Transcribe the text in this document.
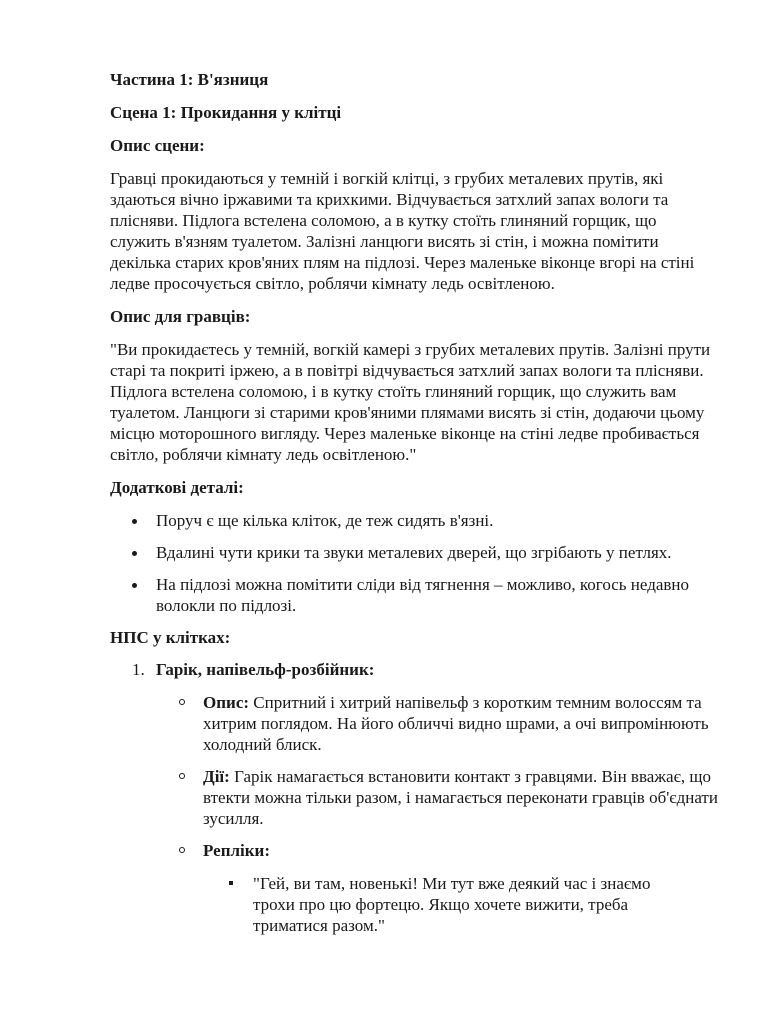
Частина 1: В'язниця

Сцена 1: Прокидання у клітці

Опис сцени:

Гравці прокидаються у темній і вогкій клітці, з грубих металевих прутів, які здаються вічно іржавими та крихкими. Відчувається затхлий запах вологи та плісняви. Підлога встелена соломою, а в кутку стоїть глиняний горщик, що служить в'язням туалетом. Залізні ланцюги висять зі стін, і можна помітити декілька старих кров'яних плям на підлозі. Через маленьке віконце вгорі на стіні ледве просочується світло, роблячи кімнату ледь освітленою.

Опис для гравців:

"Ви прокидаєтесь у темній, вогкій камері з грубих металевих прутів. Залізні прути старі та покриті іржею, а в повітрі відчувається затхлий запах вологи та плісняви. Підлога встелена соломою, і в кутку стоїть глиняний горщик, що служить вам туалетом. Ланцюги зі старими кров'яними плямами висять зі стін, додаючи цьому місцю моторошного вигляду. Через маленьке віконце на стіні ледве пробивається світло, роблячи кімнату ледь освітленою."

Додаткові деталі:

Поруч є ще кілька кліток, де теж сидять в'язні.
Вдалині чути крики та звуки металевих дверей, що згрібають у петлях.
На підлозі можна помітити сліди від тягнення – можливо, когось недавно волокли по підлозі.

НПС у клітках:

1. Гарік, напівельф-розбійник:
Опис: Спритний і хитрий напівельф з коротким темним волоссям та хитрим поглядом. На його обличчі видно шрами, а очі випромінюють холодний блиск.
Дії: Гарік намагається встановити контакт з гравцями. Він вважає, що втекти можна тільки разом, і намагається переконати гравців об'єднати зусилля.
Репліки:
"Гей, ви там, новенькі! Ми тут вже деякий час і знаємо трохи про цю фортецю. Якщо хочете вижити, треба триматися разом."
